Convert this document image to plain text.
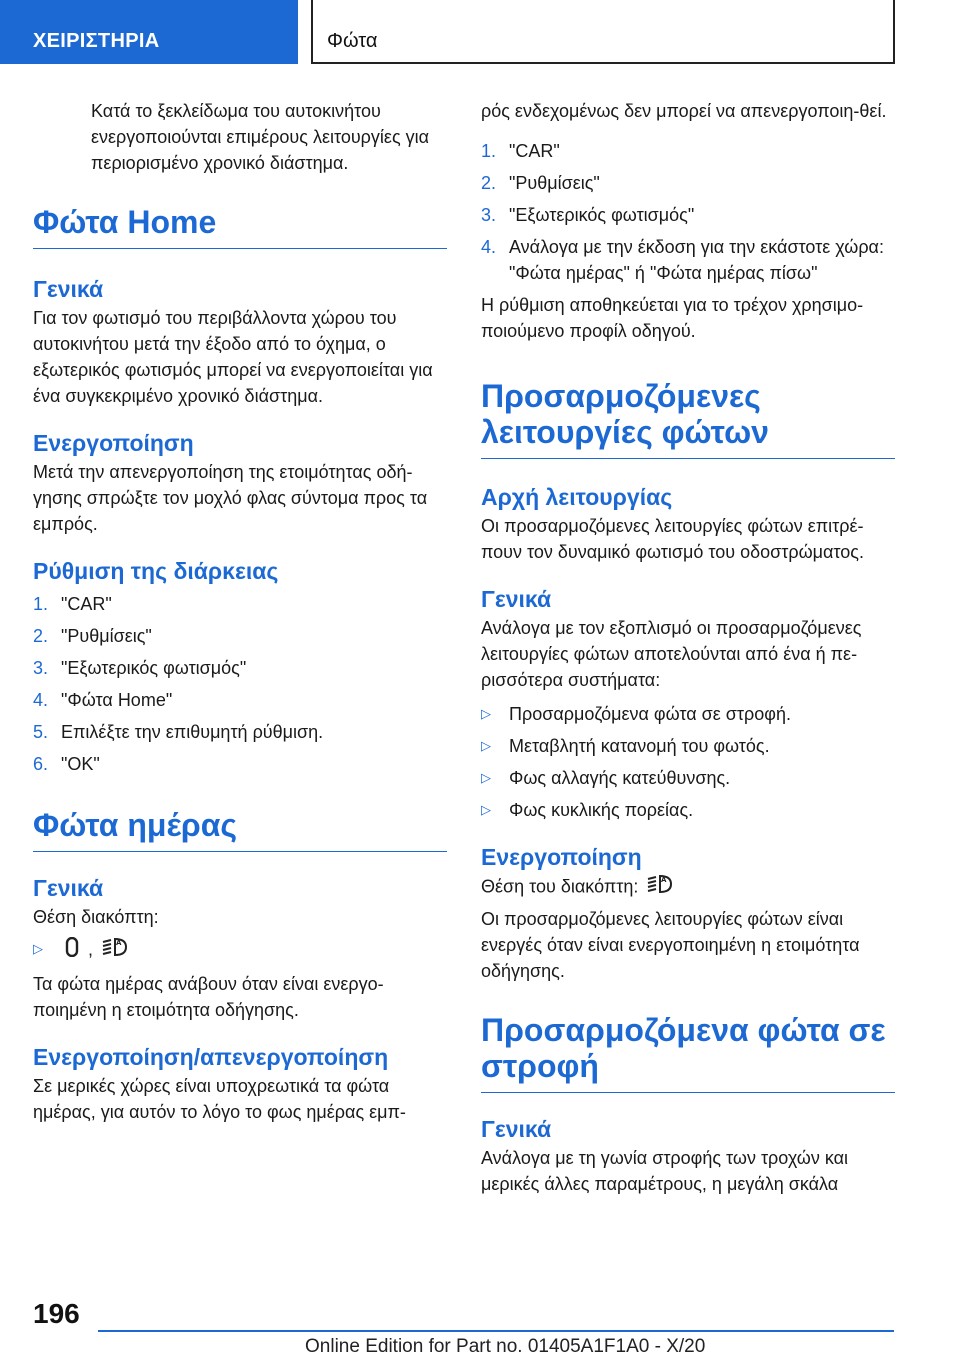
ΧΕΙΡΙΣΤΗΡΙΑ	Φώτα

Κατά το ξεκλείδωμα του αυτοκινήτου ενεργοποιούνται επιμέρους λειτουργίες για περιορισμένο χρονικό διάστημα.

Φώτα Home
Γενικά

Για τον φωτισμό του περιβάλλοντα χώρου του αυτοκινήτου μετά την έξοδο από το όχημα, ο εξωτερικός φωτισμός μπορεί να ενεργοποιείται για ένα συγκεκριμένο χρονικό διάστημα.

Ενεργοποίηση

Μετά την απενεργοποίηση της ετοιμότητας οδή-γησης σπρώξτε τον μοχλό φλας σύντομα προς τα εμπρός.

Ρύθμιση της διάρκειας
1. "CAR"
2. "Ρυθμίσεις"
3. "Εξωτερικός φωτισμός"
4. "Φώτα Home"
5. Επιλέξτε την επιθυμητή ρύθμιση.
6. "OK"
Φώτα ημέρας
Γενικά

Θέση διακόπτη:

▷	,	A

Τα φώτα ημέρας ανάβουν όταν είναι ενεργο-ποιημένη η ετοιμότητα οδήγησης.

Ενεργοποίηση/απενεργοποίηση

Σε μερικές χώρες είναι υποχρεωτικά τα φώτα ημέρας, για αυτόν το λόγο το φως ημέρας εμπ-

ρός ενδεχομένως δεν μπορεί να απενεργοποιη-θεί.

1. "CAR"
2. "Ρυθμίσεις"
3. "Εξωτερικός φωτισμός"
4. Ανάλογα με την έκδοση για την εκάστοτε χώρα: "Φώτα ημέρας" ή "Φώτα ημέρας πίσω"

Η ρύθμιση αποθηκεύεται για το τρέχον χρησιμο-ποιούμενο προφίλ οδηγού.

Προσαρμοζόμενες λειτουργίες φώτων
Αρχή λειτουργίας

Οι προσαρμοζόμενες λειτουργίες φώτων επιτρέ-πουν τον δυναμικό φωτισμό του οδοστρώματος.

Γενικά

Ανάλογα με τον εξοπλισμό οι προσαρμοζόμενες λειτουργίες φώτων αποτελούνται από ένα ή πε-ρισσότερα συστήματα:

▷ Προσαρμοζόμενα φώτα σε στροφή.
▷ Μεταβλητή κατανομή του φωτός.
▷ Φως αλλαγής κατεύθυνσης.
▷ Φως κυκλικής πορείας.
Ενεργοποίηση

Θέση του διακόπτη:	A

Οι προσαρμοζόμενες λειτουργίες φώτων είναι ενεργές όταν είναι ενεργοποιημένη η ετοιμότητα οδήγησης.

Προσαρμοζόμενα φώτα σε στροφή
Γενικά

Ανάλογα με τη γωνία στροφής των τροχών και μερικές άλλες παραμέτρους, η μεγάλη σκάλα

196
Online Edition for Part no. 01405A1F1A0 - X/20
